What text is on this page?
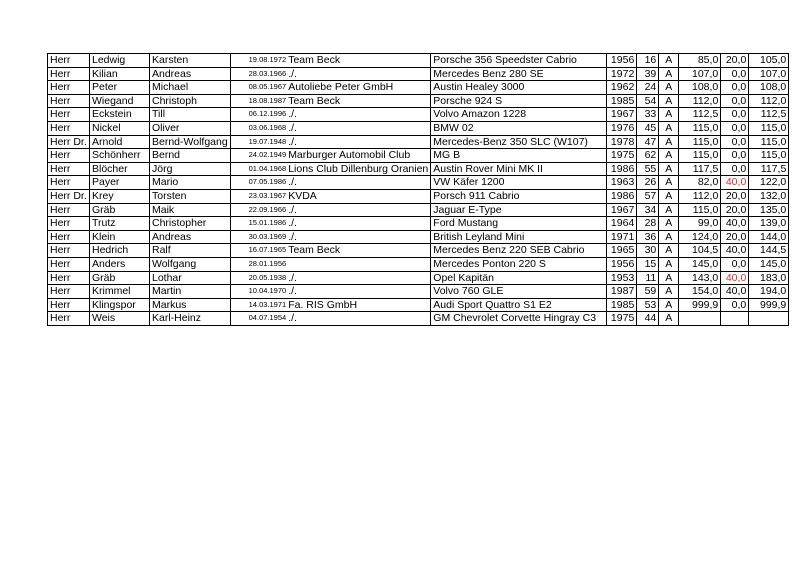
Herr	Ledwig	Karsten	19.08.1972	Team Beck	Porsche 356 Speedster Cabrio	1956	16	A	85,0	20,0	105,0
Herr	Kilian	Andreas	28.03.1966	./.	Mercedes Benz 280 SE	1972	39	A	107,0	0,0	107,0
Herr	Peter	Michael	08.05.1967	Autoliebe Peter GmbH	Austin Healey 3000	1962	24	A	108,0	0,0	108,0
Herr	Wiegand	Christoph	18.08.1987	Team Beck	Porsche 924 S	1985	54	A	112,0	0,0	112,0
Herr	Eckstein	Till	06.12.1996	./.	Volvo Amazon 1228	1967	33	A	112,5	0,0	112,5
Herr	Nickel	Oliver	03.06.1968	./.	BMW 02	1976	45	A	115,0	0,0	115,0
Herr Dr.	Arnold	Bernd-Wolfgang	19.07.1948	./.	Mercedes-Benz 350 SLC (W107)	1978	47	A	115,0	0,0	115,0
Herr	Schönherr	Bernd	24.02.1949	Marburger Automobil Club	MG B	1975	62	A	115,0	0,0	115,0
Herr	Blöcher	Jörg	01.04.1968	Lions Club Dillenburg Oranien	Austin Rover Mini MK II	1986	55	A	117,5	0,0	117,5
Herr	Payer	Mario	07.05.1986	./.	VW Käfer 1200	1963	26	A	82,0	40,0	122,0
Herr Dr.	Krey	Torsten	23.03.1967	KVDA	Porsch 911 Cabrio	1986	57	A	112,0	20,0	132,0
Herr	Gräb	Maik	22.09.1966	./.	Jaguar E-Type	1967	34	A	115,0	20,0	135,0
Herr	Trutz	Christopher	15.01.1986	./.	Ford Mustang	1964	28	A	99,0	40,0	139,0
Herr	Klein	Andreas	30.03.1969	./.	British Leyland Mini	1971	36	A	124,0	20,0	144,0
Herr	Hedrich	Ralf	16.07.1965	Team Beck	Mercedes Benz 220 SEB Cabrio	1965	30	A	104,5	40,0	144,5
Herr	Anders	Wolfgang	28.01.1956		Mercedes Ponton 220 S	1956	15	A	145,0	0,0	145,0
Herr	Gräb	Lothar	20.05.1938	./.	Opel Kapitän	1953	11	A	143,0	40,0	183,0
Herr	Krimmel	Martin	10.04.1970	./.	Volvo 760 GLE	1987	59	A	154,0	40,0	194,0
Herr	Klingspor	Markus	14.03.1971	Fa. RIS GmbH	Audi Sport Quattro S1 E2	1985	53	A	999,9	0,0	999,9
Herr	Weis	Karl-Heinz	04.07.1954	./.	GM Chevrolet Corvette Hingray C3	1975	44	A			
